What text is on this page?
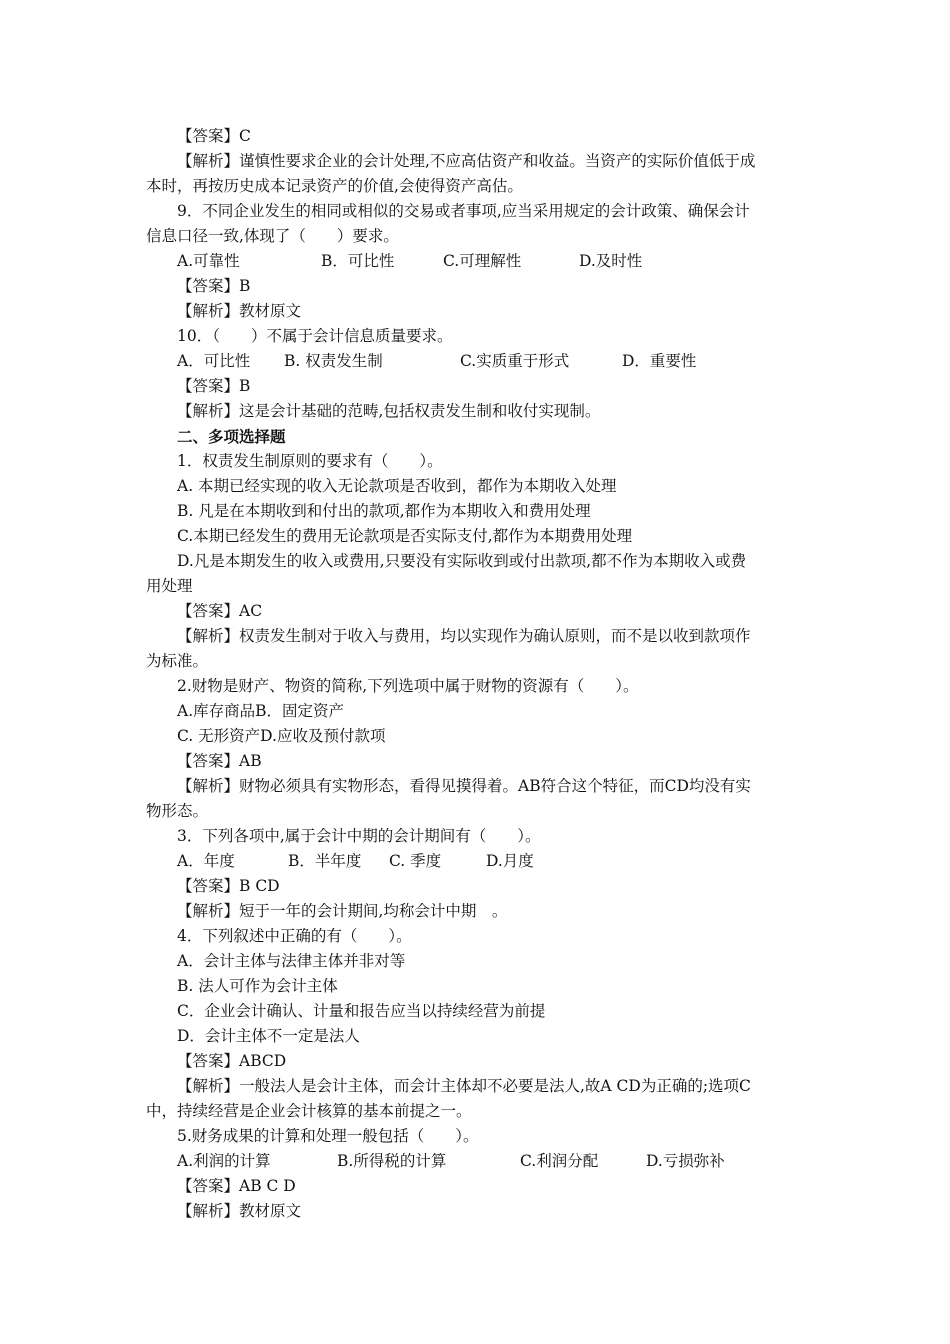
【答案】C
【解析】谨慎性要求企业的会计处理,不应高估资产和收益。当资产的实际价值低于成
本时，再按历史成本记录资产的价值,会使得资产高估。
9．不同企业发生的相同或相似的交易或者事项,应当采用规定的会计政策、确保会计
信息口径一致,体现了（　　）要求。
A.可靠性	B．可比性	C.可理解性	D.及时性
【答案】B
【解析】教材原文
10．（　　）不属于会计信息质量要求。
A．可比性 B. 权责发生制	C.实质重于形式	D．重要性
【答案】B
【解析】这是会计基础的范畴,包括权责发生制和收付实现制。
二、多项选择题
1．权责发生制原则的要求有（　　）。
A. 本期已经实现的收入无论款项是否收到，都作为本期收入处理
B. 凡是在本期收到和付出的款项,都作为本期收入和费用处理
C.本期已经发生的费用无论款项是否实际支付,都作为本期费用处理
D.凡是本期发生的收入或费用,只要没有实际收到或付出款项,都不作为本期收入或费
用处理
【答案】AC
【解析】权责发生制对于收入与费用，均以实现作为确认原则，而不是以收到款项作
为标准。
2.财物是财产、物资的简称,下列选项中属于财物的资源有（　　）。
A.库存商品B．固定资产
C. 无形资产D.应收及预付款项
【答案】AB
【解析】财物必须具有实物形态，看得见摸得着。AB符合这个特征，而CD均没有实
物形态。
3．下列各项中,属于会计中期的会计期间有（　　）。
A．年度	B．半年度 C. 季度	D.月度
【答案】B CD
【解析】短于一年的会计期间,均称会计中期　。
4．下列叙述中正确的有（　　）。
A．会计主体与法律主体并非对等
B. 法人可作为会计主体
C．企业会计确认、计量和报告应当以持续经营为前提
D．会计主体不一定是法人
【答案】ABCD
【解析】一般法人是会计主体，而会计主体却不必要是法人,故A CD为正确的;选项C
中，持续经营是企业会计核算的基本前提之一。
5.财务成果的计算和处理一般包括（　　）。
A.利润的计算	B.所得税的计算	C.利润分配	D.亏损弥补
【答案】AB C D
【解析】教材原文
